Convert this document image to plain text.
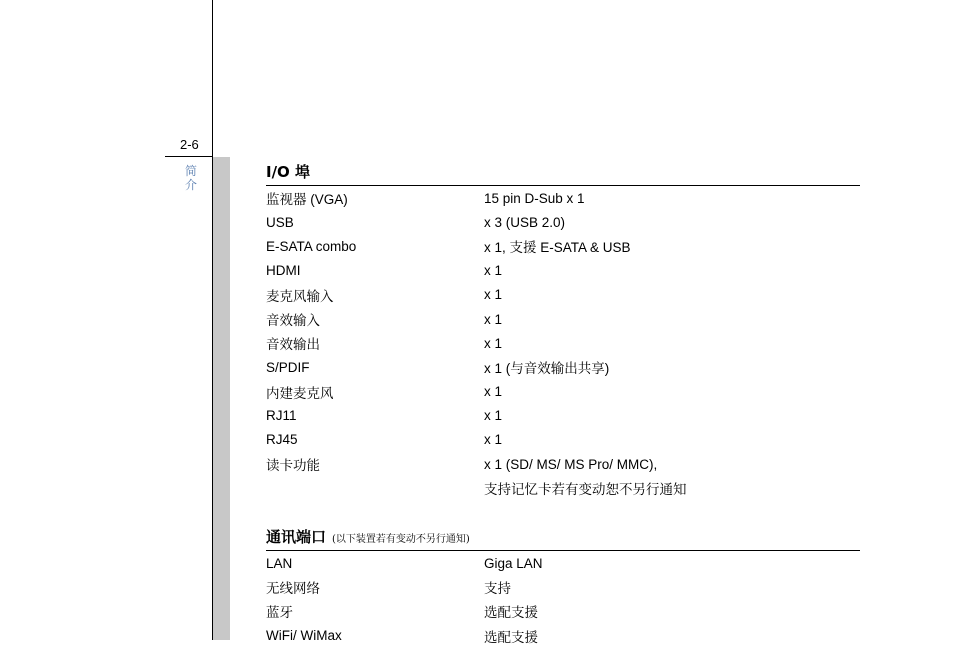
2-6
简介
I/O 埠
监视器 (VGA)	15 pin D-Sub x 1
USB	x 3 (USB 2.0)
E-SATA combo	x 1, 支援 E-SATA & USB
HDMI	x 1
麦克风输入	x 1
音效输入	x 1
音效输出	x 1
S/PDIF	x 1 (与音效输出共享)
内建麦克风	x 1
RJ11	x 1
RJ45	x 1
读卡功能	x 1 (SD/ MS/ MS Pro/ MMC),
支持记忆卡若有变动恕不另行通知
通讯端口 (以下装置若有变动不另行通知)
LAN	Giga LAN
无线网络	支持
蓝牙	选配支援
WiFi/ WiMax	选配支援
